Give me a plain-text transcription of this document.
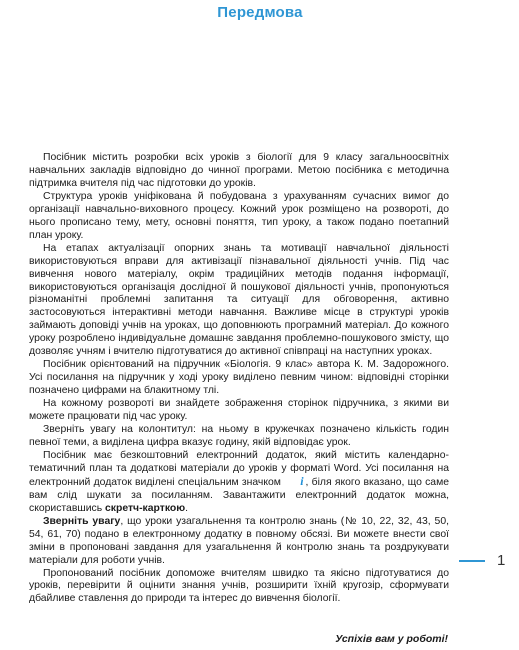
Передмова

Посібник містить розробки всіх уроків з біології для 9 класу загальноосвітніх навчальних закладів відповідно до чинної програми. Метою посібника є методична підтримка вчителя під час підготовки до уроків.

Структура уроків уніфікована й побудована з урахуванням сучасних вимог до організації навчально-виховного процесу. Кожний урок розміщено на розвороті, до нього прописано тему, мету, основні поняття, тип уроку, а також подано поетапний план уроку.

На етапах актуалізації опорних знань та мотивації навчальної діяльності використовуються вправи для активізації пізнавальної діяльності учнів. Під час вивчення нового матеріалу, окрім традиційних методів подання інформації, використовуються організація дослідної й пошукової діяльності учнів, пропонуються різноманітні проблемні запитання та ситуації для обговорення, активно застосовуються інтерактивні методи навчання. Важливе місце в структурі уроків займають доповіді учнів на уроках, що доповнюють програмний матеріал. До кожного уроку розроблено індивідуальне домашнє завдання проблемно-пошукового змісту, що дозволяє учням і вчителю підготуватися до активної співпраці на наступних уроках.

Посібник орієнтований на підручник «Біологія. 9 клас» автора К. М. Задорожного. Усі посилання на підручник у ході уроку виділено певним чином: відповідні сторінки позначено цифрами на блакитному тлі.

На кожному розвороті ви знайдете зображення сторінок підручника, з якими ви можете працювати під час уроку.

Зверніть увагу на колонтитул: на ньому в кружечках позначено кількість годин певної теми, а виділена цифра вказує годину, якій відповідає урок.

Посібник має безкоштовний електронний додаток, який містить календарно-тематичний план та додаткові матеріали до уроків у форматі Word. Усі посилання на електронний додаток виділені спеціальним значком i , біля якого вказано, що саме вам слід шукати за посиланням. Завантажити електронний додаток можна, скориставшись скретч-карткою.

Зверніть увагу, що уроки узагальнення та контролю знань (№ 10, 22, 32, 43, 50, 54, 61, 70) подано в електронному додатку в повному обсязі. Ви можете внести свої зміни в пропоновані завдання для узагальнення й контролю знань та роздрукувати матеріали для роботи учнів.

Пропонований посібник допоможе вчителям швидко та якісно підготуватися до уроків, перевірити й оцінити знання учнів, розширити їхній кругозір, сформувати дбайливе ставлення до природи та інтерес до вивчення біології.

Успіхів вам у роботі!
1
